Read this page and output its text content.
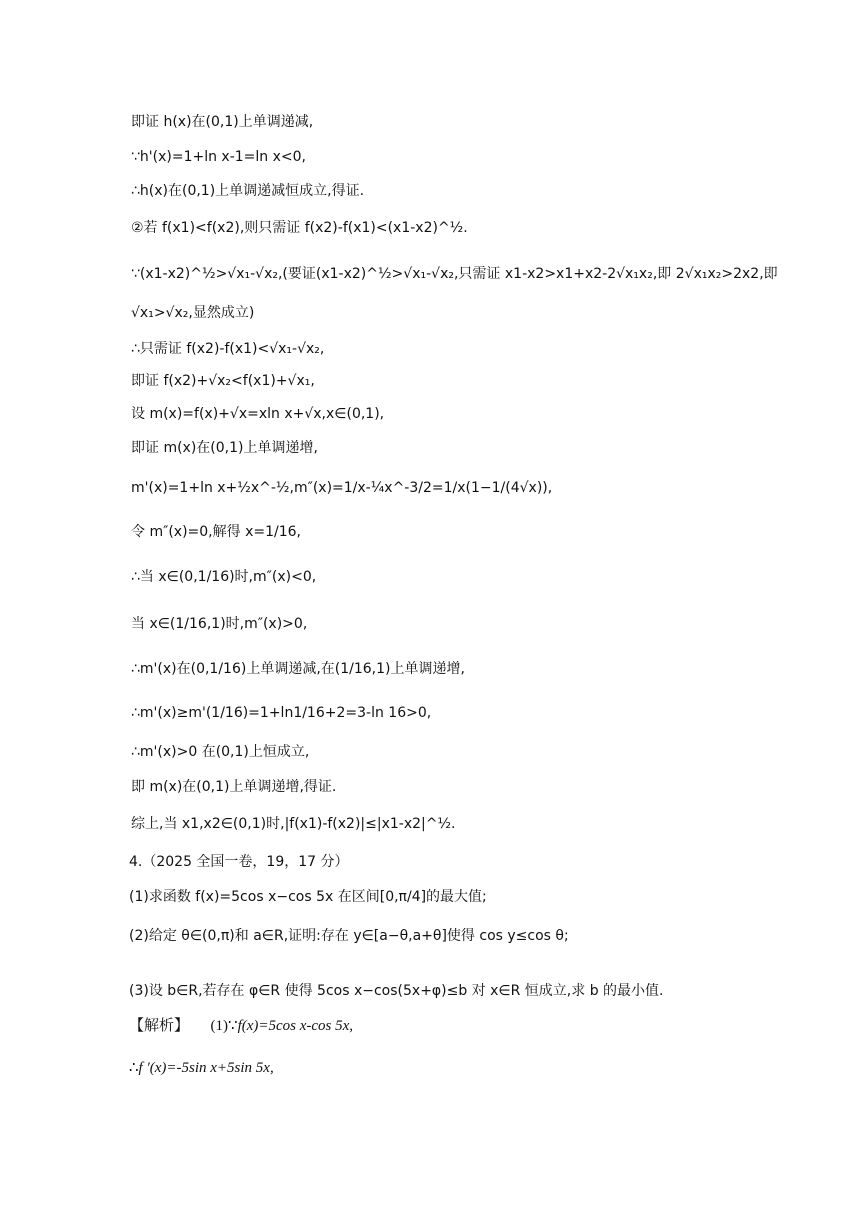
即证 h(x)在(0,1)上单调递减,
∵h'(x)=1+ln x-1=ln x<0,
∴h(x)在(0,1)上单调递减恒成立,得证.
②若 f(x1)<f(x2),则只需证 f(x2)-f(x1)<(x1-x2)^½.
∵(x1-x2)^½>√x₁-√x₂,(要证(x1-x2)^½>√x₁-√x₂,只需证 x1-x2>x1+x2-2√x₁x₂,即 2√x₁x₂>2x2,即
√x₁>√x₂,显然成立)
∴只需证 f(x2)-f(x1)<√x₁-√x₂,
即证 f(x2)+√x₂<f(x1)+√x₁,
设 m(x)=f(x)+√x=xln x+√x,x∈(0,1),
即证 m(x)在(0,1)上单调递增,
m'(x)=1+ln x+½x^-½,m″(x)=1/x-¼x^-3/2=1/x(1−1/(4√x)),
令 m″(x)=0,解得 x=1/16,
∴当 x∈(0,1/16)时,m″(x)<0,
当 x∈(1/16,1)时,m″(x)>0,
∴m'(x)在(0,1/16)上单调递减,在(1/16,1)上单调递增,
∴m'(x)≥m'(1/16)=1+ln1/16+2=3-ln 16>0,
∴m'(x)>0 在(0,1)上恒成立,
即 m(x)在(0,1)上单调递增,得证.
综上,当 x1,x2∈(0,1)时,|f(x1)-f(x2)|≤|x1-x2|^½.
4.（2025 全国一卷，19，17 分）
(1)求函数 f(x)=5cos x−cos 5x 在区间[0,π/4]的最大值;
(2)给定 θ∈(0,π)和 a∈R,证明:存在 y∈[a−θ,a+θ]使得 cos y≤cos θ;
(3)设 b∈R,若存在 φ∈R 使得 5cos x−cos(5x+φ)≤b 对 x∈R 恒成立,求 b 的最小值.
【解析】 (1)∵f(x)=5cos x-cos 5x,
∴f ′(x)=-5sin x+5sin 5x,
